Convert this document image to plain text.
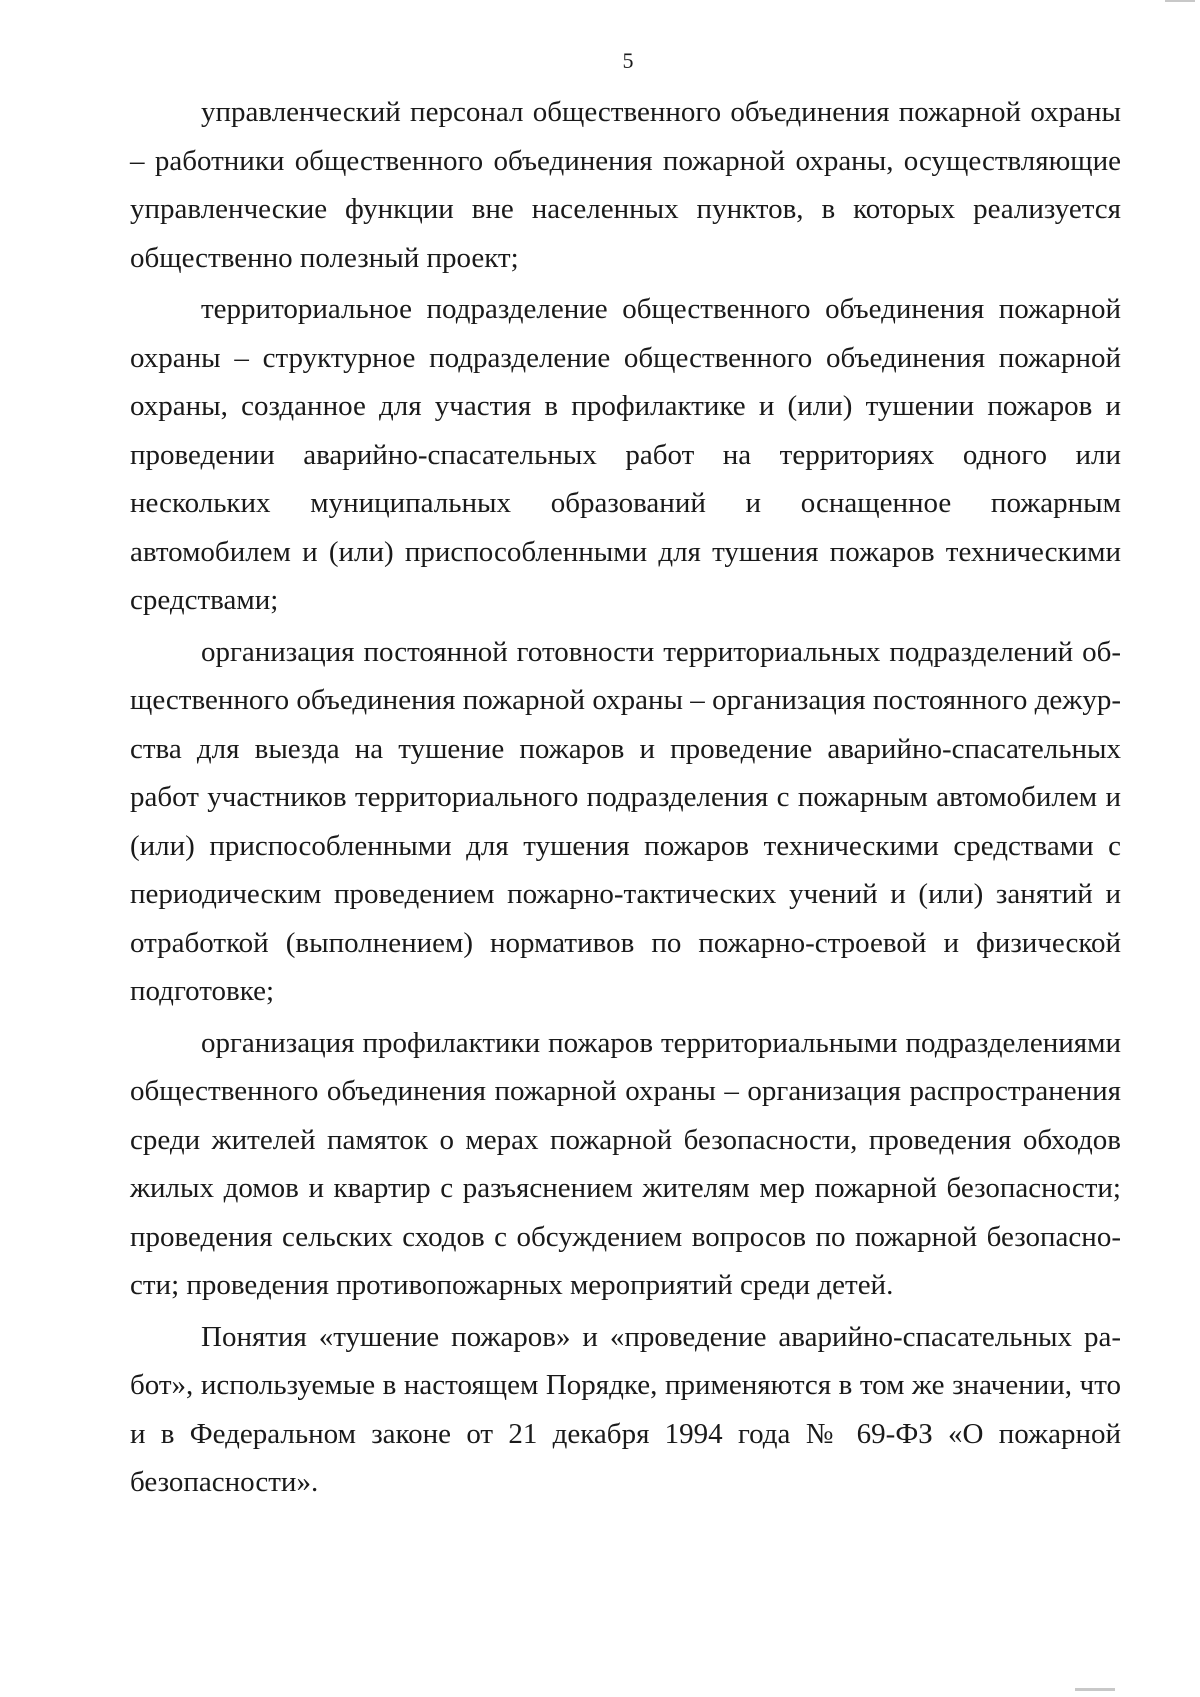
5

управленческий персонал общественного объединения пожарной охраны – работники общественного объединения пожарной охраны, осуществляющие управленческие функции вне населенных пунктов, в которых реализуется общественно полезный проект;

территориальное подразделение общественного объединения пожарной охраны – структурное подразделение общественного объединения пожарной охраны, созданное для участия в профилактике и (или) тушении пожаров и проведении аварийно-спасательных работ на территориях одного или нескольких муниципальных образований и оснащенное пожарным автомобилем и (или) приспособленными для тушения пожаров техническими средствами;

организация постоянной готовности территориальных подразделений общественного объединения пожарной охраны – организация постоянного дежурства для выезда на тушение пожаров и проведение аварийно-спасательных работ участников территориального подразделения с пожарным автомобилем и (или) приспособленными для тушения пожаров техническими средствами с периодическим проведением пожарно-тактических учений и (или) занятий и отработкой (выполнением) нормативов по пожарно-строевой и физической подготовке;

организация профилактики пожаров территориальными подразделениями общественного объединения пожарной охраны – организация распространения среди жителей памяток о мерах пожарной безопасности, проведения обходов жилых домов и квартир с разъяснением жителям мер пожарной безопасности; проведения сельских сходов с обсуждением вопросов по пожарной безопасности; проведения противопожарных мероприятий среди детей.

Понятия «тушение пожаров» и «проведение аварийно-спасательных работ», используемые в настоящем Порядке, применяются в том же значении, что и в Федеральном законе от 21 декабря 1994 года № 69-ФЗ «О пожарной безопасности».
